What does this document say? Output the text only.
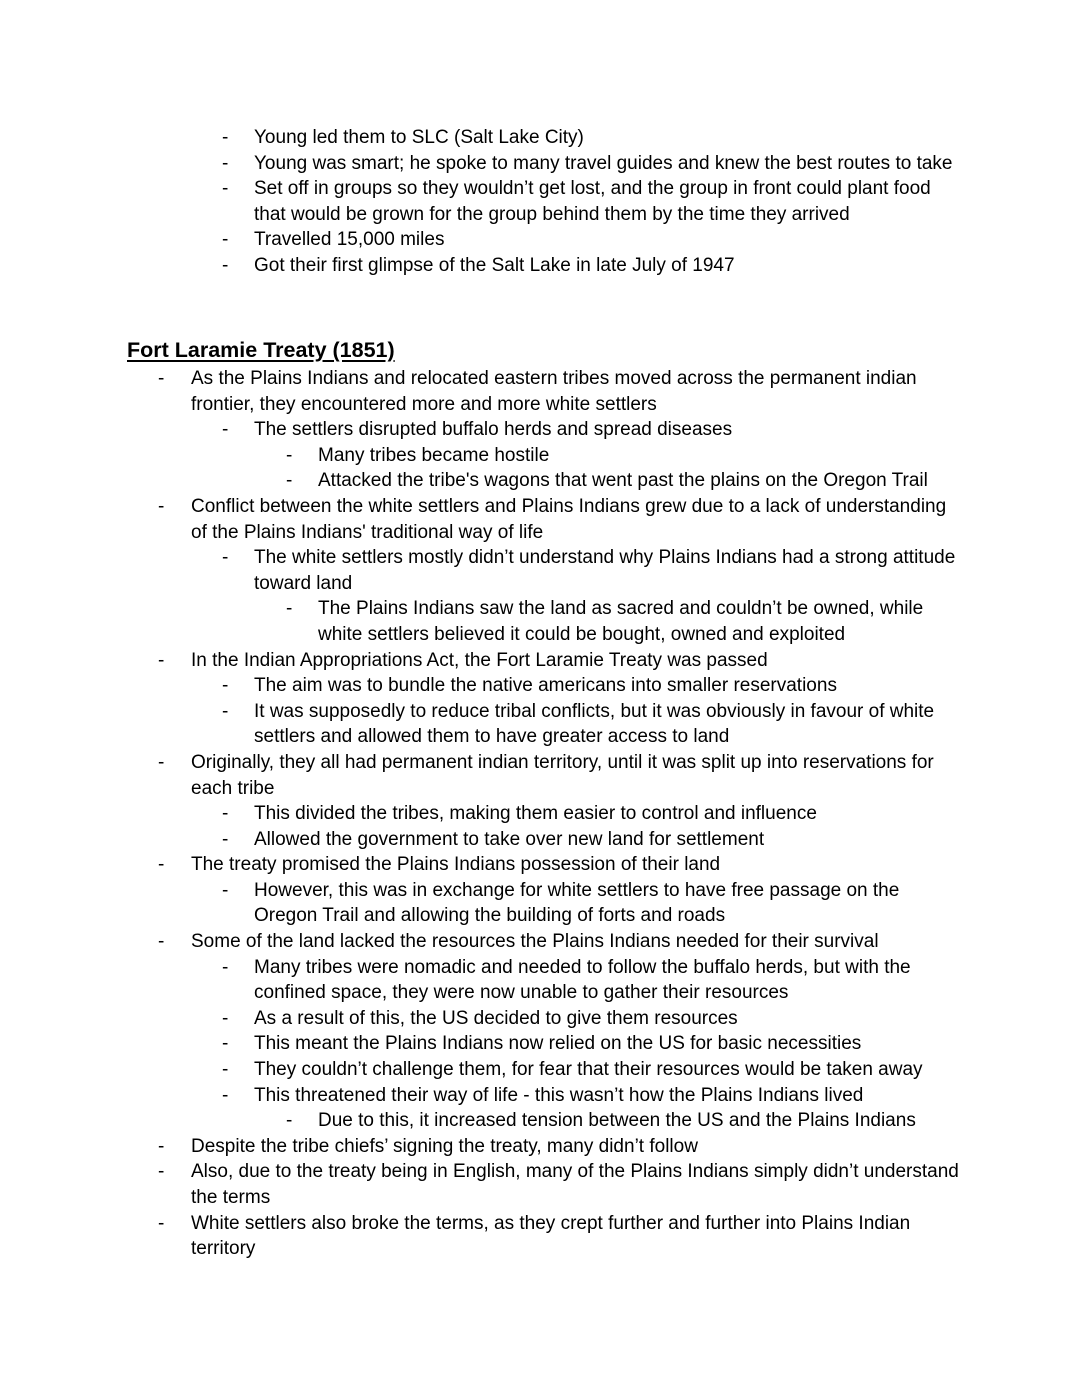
- Young led them to SLC (Salt Lake City)
- Young was smart; he spoke to many travel guides and knew the best routes to take
- Set off in groups so they wouldn’t get lost, and the group in front could plant food that would be grown for the group behind them by the time they arrived
- Travelled 15,000 miles
- Got their first glimpse of the Salt Lake in late July of 1947
Fort Laramie Treaty (1851)
- As the Plains Indians and relocated eastern tribes moved across the permanent indian frontier, they encountered more and more white settlers
- The settlers disrupted buffalo herds and spread diseases
- Many tribes became hostile
- Attacked the tribe's wagons that went past the plains on the Oregon Trail
- Conflict between the white settlers and Plains Indians grew due to a lack of understanding of the Plains Indians' traditional way of life
- The white settlers mostly didn’t understand why Plains Indians had a strong attitude toward land
- The Plains Indians saw the land as sacred and couldn’t be owned, while white settlers believed it could be bought, owned and exploited
- In the Indian Appropriations Act, the Fort Laramie Treaty was passed
- The aim was to bundle the native americans into smaller reservations
- It was supposedly to reduce tribal conflicts, but it was obviously in favour of white settlers and allowed them to have greater access to land
- Originally, they all had permanent indian territory, until it was split up into reservations for each tribe
- This divided the tribes, making them easier to control and influence
- Allowed the government to take over new land for settlement
- The treaty promised the Plains Indians possession of their land
- However, this was in exchange for white settlers to have free passage on the Oregon Trail and allowing the building of forts and roads
- Some of the land lacked the resources the Plains Indians needed for their survival
- Many tribes were nomadic and needed to follow the buffalo herds, but with the confined space, they were now unable to gather their resources
- As a result of this, the US decided to give them resources
- This meant the Plains Indians now relied on the US for basic necessities
- They couldn’t challenge them, for fear that their resources would be taken away
- This threatened their way of life - this wasn’t how the Plains Indians lived
- Due to this, it increased tension between the US and the Plains Indians
- Despite the tribe chiefs’ signing the treaty, many didn’t follow
- Also, due to the treaty being in English, many of the Plains Indians simply didn’t understand the terms
- White settlers also broke the terms, as they crept further and further into Plains Indian territory
